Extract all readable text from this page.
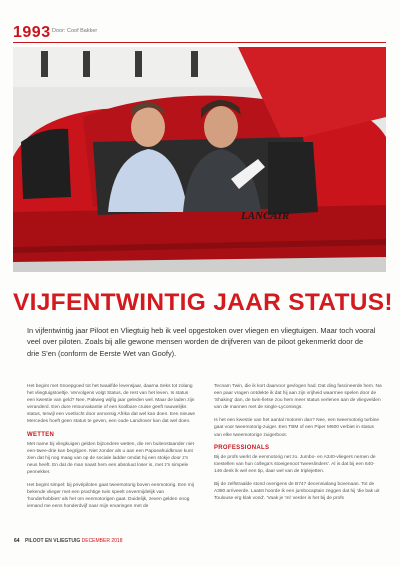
1993 Door: Coof Bakker
LANCAIR
VIJFENTWINTIG JAAR STATUS!
In vijfentwintig jaar Piloot en Vliegtuig heb ik veel opgestoken over vliegen en vliegtuigen. Maar toch vooral veel over piloten. Zoals bij alle gewone mensen worden de drijfveren van de piloot gekenmerkt door de drie S'en (conform de Eerste Wet van Goofy).

Het begint met Snoepgoed tot het twaalfde levensjaar, daarna Seks tot zolang het vliegtuigstoeltje. Vervolgens volgt Status, de rest van het leven. Is status een kwestie van geld? Nee, Pakweg wijfig jaar geleden wel. Maar de laden zijn veranderd. Een dure retourvakantie of een koolbare cruise geeft nauwelijks status, terwijl een voetlocht door annonsig Afrika dat wel kan doen. Een nieuwe Mercedes hoeft geen status te geven, een oude Landrover kan dat wel doen.

WETTEN

Met name bij vliegkuigen gelden bijzondere wetten, die ren buitenstaander niet een-twee-drie kan begrijpen. Niet zonder als u aan een Papoeahuidkman kunt zien dat hij nog maag van op de sociale ladder omdat hij een stokje door z'n neus heeft. En dat de man naast hem een absoluut loser is, met z'n simpele pennekker.

Het begint simpel: bij privépiloten gaat tweemotorig boven eenmotorig. Een mij bekende vlieger met een prachtige twin speelt onvermijdelijk van 'honderhobbies' als het om eenmotorigen gaat. Duidelijk, zeven gelden onog iemand me eens honderdvijf naar mijn ervaringen met de

Tecnam Twin, die ik kort daarvoor gevlogen had. Dat ding fascineerde hem. Na een paar vragen ontdekte ik dat hij aan zijn vrijheid waarmee spelen door de 'Shaking' dan, de twin-fietse zou hem meer status verlenen aan de vliegvelden van de mannen met de single-Lycomings.

Is het een kwestie van het aantal motoren dan? Nee, een tweemotorig turbine gaat voor tweemotorig-zuiger. Een TBM of een Piper M600 verbiet in status van elke tweemotorige zuigerboot.

PROFESSIONALS

Bij de profs werkt de eenmotorig net zo. Jumbo- en A340-vliegers nemen de toestellen van hun collega's stoeigenoot 'tweeslinders'. Al is dat bij een 640-146 denk ik wel een tip, daar wel van de triplejetten.

Bij de zelfstraalde stond overigens de B747 decennialang bovenaan. Tot de A380 arriveerde. Laatst hoorde ik een jumbocaptain zeggen dat hij 'die bak uit Toulouse erg klak vond'. 'Vaak je 'mi' verder is het bij de profs

64 PILOOT EN VLIEGTUIG DECEMBER 2018
